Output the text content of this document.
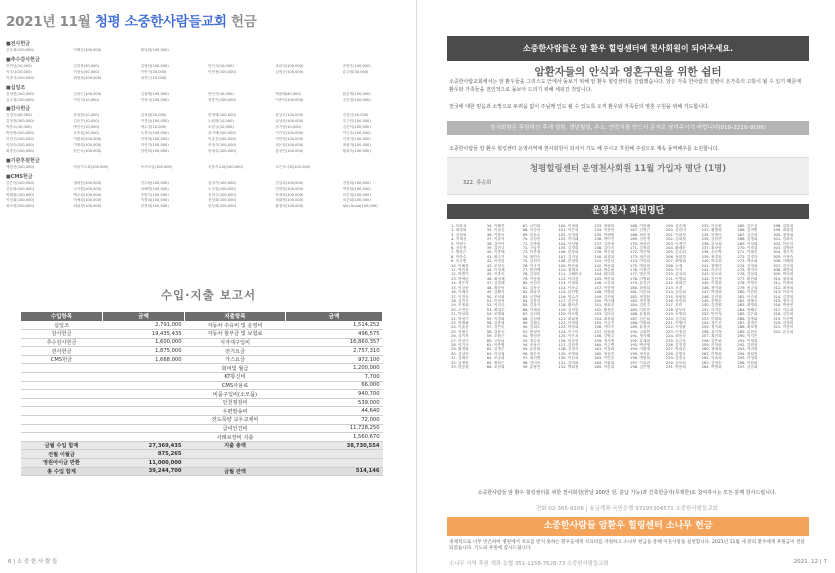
2021년 11월 청평 소중한사람들교회 헌금
■전사헌금
증승희(100,000)	이채순(100,000)	황남원(100,000)
■추수감사헌금
안민남(10,000)	김지용(30,000)	김형남(100,000)	안인사(10,000)	송관석(100,000)	송영우(100,000)
이우나(20,000)	이상임(50,000)	이만기(30,000)	이민용(100,000)	김정순(100,000)	유주원(30,000)
이종식(100,000)	최영희(100,000)	최종근(10,000)
■십일조
김성현(100,000)	김성근(100,000)	김형태(100,000)	안인사(10,000)	박용배(40,000)	원문재(100,000)
김수열(100,000)	이인석(10,000)	이정식(100,000)	정종기(100,000)	이종석(100,000)	주민경(100,000)
■감사헌금
김경숙(40,000)	강성원(10,000)	김성원(20,000)	한형택(100,000)	한상조(100,000)	김성신(50,000)
김성현(100,000)	김승진(10,000)	이경남(100,000)	노원평(10,000)	나상준(100,000)	우주민(100,000)
박종수(10,000)	박진선(10,000)	박수경(10,000)	소한규(10,000)	송기영(10,000)	김은석(100,000)
박상영(100,000)	오종희(10,000)	오경숙(100,000)	윤기예(100,000)	이기순(100,000)	이근수(100,000)
이민주(100,000)	이원희(100,000)	이영희(100,000)	이유순(100,000)	이인영(100,000)	이정석(100,000)
이화숙(100,000)	이정희(100,000)	이종기(100,000)	조정식(100,000)	최은희(100,000)	최원자(100,000)
최종순(100,000)	한은숙(100,000)	한명희(100,000)	한평수(100,000)	홍성민(100,000)	황희숙(100,000)
■기관후원헌금
계양선(100,000)	덕육기도회(100,000)	독서모임(100,000)	서울지교회(100,000)	오은조사회(100,000)
■CMS헌금
김은숙(100,000)	권대현(100,000)	김주완(100,000)	김정기(100,000)	김성희(100,000)	강영희(100,000)
김동희(100,000)	나지원(100,000)	남혜연(100,000)	노주영(100,000)	민현정(100,000)	박경희(100,000)
박제희(100,000)	백소희(100,000)	송명숙(100,000)	송현주(100,000)	안재희(100,000)	이우희(100,000)
이성희(100,000)	이예희(100,000)	이정희(100,000)	전상희(100,000)	정회영(100,000)	조순희(100,000)
최소영(100,000)	최희경(100,000)	한현희(100,000)	한상희(100,000)	황정희(100,000)	Ahn Anna(100,000)
수입·지출 보고서
수입항목	금액	지출항목	금액
십일조	2,791,000	자동차 주유비 및 운영비	1,514,252
감사헌금	19,435,435	자동차 할부금 및 보험료	496,575
추수감사헌금	1,600,000	식자재구입비	16,860,357
전사헌금	1,875,000	전기요금	2,757,310
CMS헌금	1,668,000	가스요금	972,100
		회비및 월급	1,200,000
		KT통신비	7,700
		CMS사용료	66,000
		비품구입비(소모품)	940,700
		인천점검비	539,000
		우편발송비	44,640
		전도목양 교우교제비	72,000
		급여인건비	11,728,250
		사례보장비 지출	1,560,670
금월 수입 합계	27,369,435	지출 총액	38,730,554
전월 이월금	875,265		
영원아이금 반환	11,000,000		
총 수입 합계	39,244,700	금월 잔액	514,146
6 | 소 중 한 사 람 들
소중한사람들은 암 환우 힐링센터에 천사회원이 되어주세요.
암환자들의 안식과 영혼구원을 위한 쉼터
소중한사람교회에서는 암 환우들을 그리스도 안에서 돌보기 위해 암 환우 힐링센터를 건립했습니다. 암은 가족 한사람의 질병이 온가족의 고통이 될 수 있기 때문에 환우와 가족들을 전인적으로 돌보아 드리기 위해 세워진 것입니다.
천국에 대한 믿음과 소망으로 두려움 없이 주님께 인도 될 수 있도록 오직 환우와 가족들의 영혼 구원을 위해 기도합니다.
천사회원은 후원하신 후에 성함, 생년월일, 주소, 연락처를 반드시 문자로 남겨주시기 바랍니다(010-2210-9106)
소중한사람들 암 환우 힐링센터 운영사역에 천사회원이 되셔서 기도 해 주시고 후원해 주심으로 계속 동역해주를 소원합니다.
청평힐링센터 운영천사회원 11월 가입자 명단 (1명)
322. 류승희
운영천사 회원명단
1. 이화옥
2. 최경희
3. 김정희
4. 이재선
5. 이영구
6. 공숙정
7. 방호근
8. 이종수
9. 조주영
10. 이해봉
11. 박인옥
12. 박명기
13. 박애린
14. 정은자
15. 이상운
16. 이혜숙
17. 이경숙
18. 김인숙
19. 이정희
20. 오인순
21. 박성희
22. 박정기
23. 박재필
24. 이효준
25. 이영근
26. 김이자
27. 이성기
28. 이기숙
29. 황경화
30. 김상민
31. 김혜숙
32. 김정원
33. 한동원
34. 이해진
35. 이상규
36. 이광국
37. 이유덕
38. 김인덕
39. 김민규
40. 이종배
41. 최수기
42. 이정일
43. 조현숙
44. 이청재
45. 이종숙
46. 최성재
47. 김경래
48. 최순덕
49. 김해자
50. 조석희
51. 이정석
52. 이지숙
53. 최대우
54. 조병희
55. 이경희
56. 김용희
57. 김인숙
58. 김봉숙
59. 오원근
60. 고삼남
61. 이중엽
62. 김정근
63. 이성권
64. 조승희
65. 방희근
66. 조현희
67. 나인희
68. 이순덕
69. 한윤수
70. 김성현
71. 김종원
72. 구날진
73. 이종권
74. 최인숙
75. 김현숙
76. 이국진
77. 변현애
78. 김정웅
79. 이동원
80. 신현숙
81. 김동준
82. 최남선
83. 신경애
84. 김동진
85. 김창식
86. 이재성
87. 심선희
88. 김성태
89. 김철수
90. 김희도
91. 변정민
92. 방성찬
93. 정수빈
94. 조용곤
95. 유동희
96. 최은숙
97. 최지영
98. 김미숙
99. 유용인
100. 이정희
101. 이은희
102. 신경희
103. 이미래
104. 이성엽
105. 김경희
106. 한상희
107. 김지현
108. 한정희
109. 안순희
110. 정재호
111. 고해미소
112. 이미경
113. 이정희
114. 이동수
115. 한서영
116. 임수식
117. 김은선
118. 황덕순
119. 김지현
120. 이소영
121. 최희정
122. 이정희
123. 박상희
124. 이구미
125. 이은옥
126. 하상현
127. 김현종
128. 김정식
129. 조영희
130. 이선옥
131. 김미희
132. 박희정
133. 정희복
134. 이정민
135. 박재범
136. 박이선
137. 김하정
138. 김미숙
139. 박은희
140. 최경희
141. 이한남
142. 박성희
143. 방수원
144. 원미희
145. 박진희
146. 오준희
147. 이현정
148. 이영희
149. 김지원
150. 이미혜
151. 정희진
152. 황정순
153. 김미선
154. 최유림
155. 이규진
156. 이미숙
157. 한희정
158. 김영주
159. 정지영
160. 이주연
161. 이정희
162. 정성진
163. 이인순
164. 이춘희
165. 이한희
166. 이미혜
167. 김영근
168. 최미정
169. 김민정
170. 정성민
171. 김정희
172. 박은영
173. 정순희
174. 이선희
175. 박한희
176. 이정진
177. 방준혁
178. 이영희
179. 유성진
180. 최성희
181. 이준희
182. 정경환
183. 정진명
184. 김민주
185. 이미현
186. 윤정희
187. 김은희
188. 이원희
189. 유성준
190. 김희연
191. 정지혜
192. 유재희
193. 백선영
194. 이원재
195. 정지윤
196. 박영희
197. 이유진
198. 김은영
199. 김승재
200. 김한미
201. 이희정
202. 김희철
203. 이경민
204. 황혜순
205. 김수희
206. 정희경
207. 최영희
208. 오제
209. 이지
210. 김성희
211. 이영희
212. 최희진
213. 조경
214. 김동희
215. 정원희
216. 송민희
217. 조미
218. 남부라
219. 송영희
220. 김승희
221. 이영미
222. 이성환
223. 이정현
224. 최동숙
225. 김금자
226. 김진경
227. 박희순
228. 김명숙
229. 김종수
230. 김미희
231. 박용희
232. 이동원
233. 황명희
234. 이영미
235. 김남현
236. 김성희
237. 최보람
238. 송순영
239. 최경희
240. 박주희
241. 정영미
242. 이승미
243. 한소희
244. 김민정
245. 이명희
246. 정이화
247. 박정희
248. 김민희
249. 송영순
250. 김경원
251. 이지순
252. 안민정
253. 이계희
254. 정은진
255. 정지희
256. 유기정
257. 최진희
258. 김종희
259. 이미란
260. 정애희
261. 이영희
262. 이옥희
263. 김정순
264. 박영희
265. 김은실
266. 김미연
267. 김순희
268. 김정희
269. 이성희
270. 이숙희
271. 이재민
272. 김경자
273. 박소희
274. 김정희
275. 정미자
276. 김남희
277. 황현희
278. 이영순
279. 정금희
280. 이현미
281. 이순희
282. 정혜숙
283. 최영희
284. 정해주
285. 김은희
286. 김명희
287. 권정순
288. 최보영
289. 유현순
290. 이지은
291. 이정희
292. 김희정
293. 이미정
294. 정희정
295. 이정희
296. 이원희
297. 김승희
298. 김한희
299. 최희경
300. 정정희
301. 김희숙
302. 이순자
303. 김영란
304. 정은숙
305. 이정숙
306. 이해경
307. 김선희
308. 최명희
309. 박선희
310. 권정희
311. 이정미
312. 최정희
313. 이숙자
314. 김경희
315. 정숙자
316. 박정민
317. 이수희
318. 김진희
319. 이선영
320. 김정희
321. 이찬미
322. 류승희
소중한사람들 암 환우 힐링센터를 위한 천사회원(한달 100만 원, 분납 가능)과 건축헌금자(무제한)로 참여하시는 모든 분께 감사드립니다.
전화 02-365-9106 | 송금계좌 국민은행 97195304571 소중한사람들교회
소중한사람들 암환우 힐링센터 소나무 헌금
경제적으로 너무 빈곤하여 병원에서 치료를 받지 못하는 환우들에게 치료비를 지원하고 소나무 헌금을 통해 이웃사랑을 실천합니다. 2021년 11월 세 분의 환우에게 후원금이 전달되었습니다. 기도와 후원에 감사드립니다.
소나무 사역 후원 계좌 농협 351-1158-7628-73 소중한사람들교회	2021. 12 | 7
